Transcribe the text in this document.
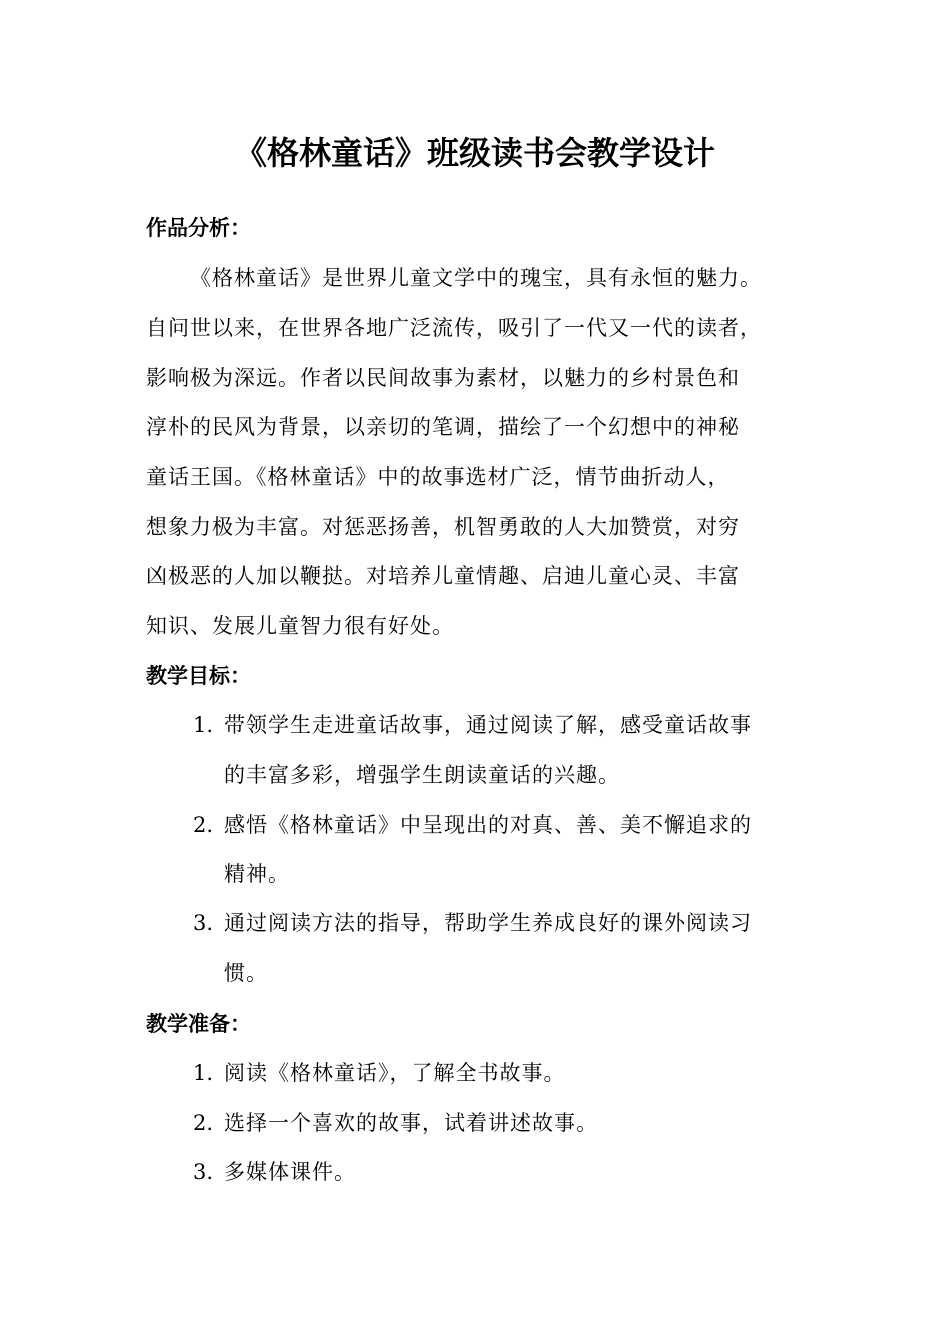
《格林童话》班级读书会教学设计
作品分析：
《格林童话》是世界儿童文学中的瑰宝，具有永恒的魅力。
自问世以来，在世界各地广泛流传，吸引了一代又一代的读者，
影响极为深远。作者以民间故事为素材，以魅力的乡村景色和
淳朴的民风为背景，以亲切的笔调，描绘了一个幻想中的神秘
童话王国。《格林童话》中的故事选材广泛，情节曲折动人，
想象力极为丰富。对惩恶扬善，机智勇敢的人大加赞赏，对穷
凶极恶的人加以鞭挞。对培养儿童情趣、启迪儿童心灵、丰富
知识、发展儿童智力很有好处。
教学目标：
1. 带领学生走进童话故事，通过阅读了解，感受童话故事
的丰富多彩，增强学生朗读童话的兴趣。
2. 感悟《格林童话》中呈现出的对真、善、美不懈追求的
精神。
3. 通过阅读方法的指导，帮助学生养成良好的课外阅读习
惯。
教学准备：
1. 阅读《格林童话》，了解全书故事。
2. 选择一个喜欢的故事，试着讲述故事。
3. 多媒体课件。
